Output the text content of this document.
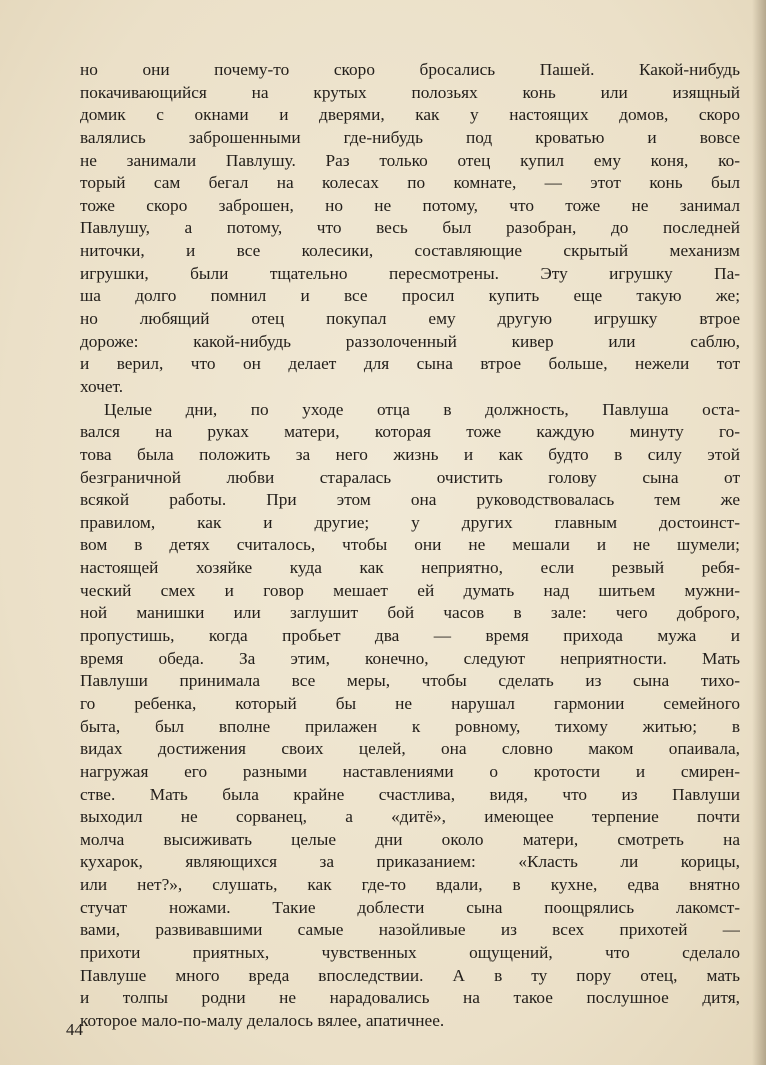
но они почему-то скоро бросались Пашей. Какой-нибудь
покачивающийся на крутых полозьях конь или изящный
домик с окнами и дверями, как у настоящих домов, скоро
валялись заброшенными где-нибудь под кроватью и вовсе
не занимали Павлушу. Раз только отец купил ему коня, ко-
торый сам бегал на колесах по комнате, — этот конь был
тоже скоро заброшен, но не потому, что тоже не занимал
Павлушу, а потому, что весь был разобран, до последней
ниточки, и все колесики, составляющие скрытый механизм
игрушки, были тщательно пересмотрены. Эту игрушку Па-
ша долго помнил и все просил купить еще такую же;
но любящий отец покупал ему другую игрушку втрое
дороже: какой-нибудь раззолоченный кивер или саблю,
и верил, что он делает для сына втрое больше, нежели тот
хочет.
Целые дни, по уходе отца в должность, Павлуша оста-
вался на руках матери, которая тоже каждую минуту го-
това была положить за него жизнь и как будто в силу этой
безграничной любви старалась очистить голову сына от
всякой работы. При этом она руководствовалась тем же
правилом, как и другие; у других главным достоинст-
вом в детях считалось, чтобы они не мешали и не шумели;
настоящей хозяйке куда как неприятно, если резвый ребя-
ческий смех и говор мешает ей думать над шитьем мужни-
ной манишки или заглушит бой часов в зале: чего доброго,
пропустишь, когда пробьет два — время прихода мужа и
время обеда. За этим, конечно, следуют неприятности. Мать
Павлуши принимала все меры, чтобы сделать из сына тихо-
го ребенка, который бы не нарушал гармонии семейного
быта, был вполне прилажен к ровному, тихому житью; в
видах достижения своих целей, она словно маком опаивала,
нагружая его разными наставлениями о кротости и смирен-
стве. Мать была крайне счастлива, видя, что из Павлуши
выходил не сорванец, а «дитё», имеющее терпение почти
молча высиживать целые дни около матери, смотреть на
кухарок, являющихся за приказанием: «Класть ли корицы,
или нет?», слушать, как где-то вдали, в кухне, едва внятно
стучат ножами. Такие доблести сына поощрялись лакомст-
вами, развивавшими самые назойливые из всех прихотей —
прихоти приятных, чувственных ощущений, что сделало
Павлуше много вреда впоследствии. А в ту пору отец, мать
и толпы родни не нарадовались на такое послушное дитя,
которое мало-по-малу делалось вялее, апатичнее.
44
